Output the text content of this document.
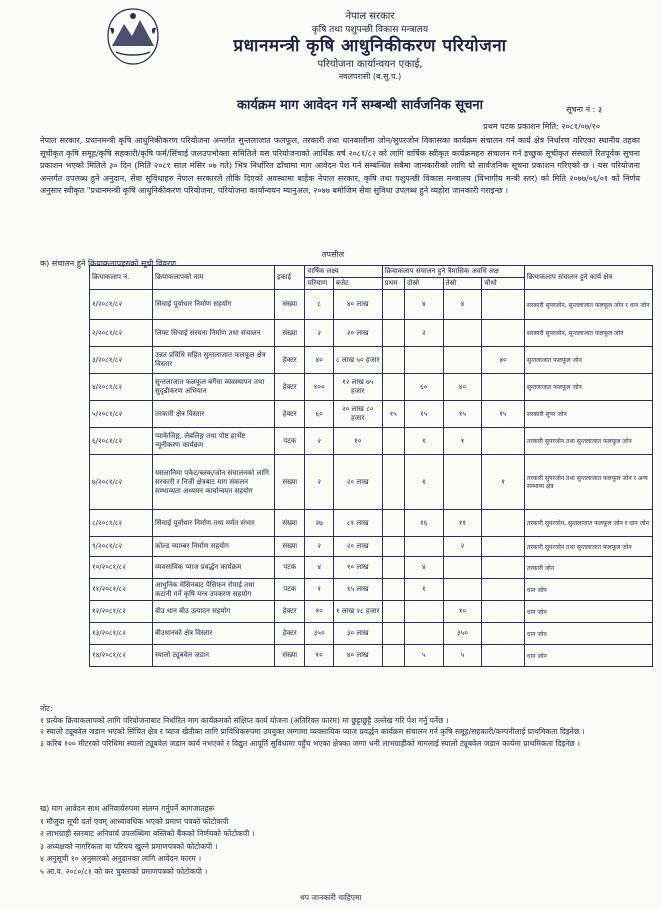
नेपाल सरकार
कृषि तथा पशुपन्छी विकास मन्त्रालय
प्रधानमन्त्री कृषि आधुनिकीकरण परियोजना
परियोजना कार्यान्वयन एकाई,
नवलपरासी (ब.सु.प.)
कार्यक्रम माग आवेदन गर्ने सम्बन्धी सार्वजनिक सूचना	सूचना नं : ३
प्रथम पटक प्रकाशन मिति: २०८१/०७/१०
नेपाल सरकार, प्रधानमन्त्री कृषि आधुनिकीकरण परियोजना अन्तर्गत सुन्तलाजात फलफूल, तरकारी तथा धानबालीमा जोन/सुपरजोन विकासका कार्यक्रम संचालन गर्न कार्य क्षेत्र निर्धारण गरिएका स्थानीय तहका सूचीकृत कृषि समूह/कृषि सहकारी/कृषि फर्म/सिंचाई जलउपभोक्ता समितिले यस परियोजनाको आर्थिक वर्ष २०८१/८२ को लागि वार्षिक स्वीकृत कार्यक्रमहरु संचालन गर्न इच्छुक सूचीकृत संस्थाले रितपूर्वक सूचना प्रकाशन भएको मितिले ३० दिन (मिति २०८१ साल मंसिर ०७ गते) भित्र निर्धारित ढाँचामा माग आवेदन पेश गर्न सम्बन्धित सबैमा जानकारीको लागि यो सार्वजनिक सूचना प्रकाशन गरिएको छ । यस परियोजना अन्तर्गत उपलब्ध हुने अनुदान, सेवा सुविधाहरु नेपाल सरकारले तोकि दिएको अवस्थामा बाहेक नेपाल सरकार, कृषि तथा पशुपन्छी विकास मन्त्रालय (विभागीय मन्त्री स्तर) को मिति २०७७/०६/०१ को निर्णय अनुसार स्वीकृत "प्रधानमन्त्री कृषि आधुनिकीकरण परियोजना, परियोजना कार्यान्वयन म्यानुअल, २०७७ बमोजिम सेवा सुविधा उपलब्ध हुने व्यहोरा जानकारी गराइन्छ ।
तपसील
क) संचालन हुने क्रियाकलापहरुको सूची विवरण
क्रियाकलाप नं.	क्रियाकलापको नाम	इकाई	वार्षिक लक्ष्य		क्रियाकलाप संचालन हुने त्रैमासिक अवधि लक्ष				क्रियाकलाप संचालन हुने कार्य क्षेत्र
			परिमाण	बजेट	प्रथम	दोस्रो	तेस्रो	चौथो	
१/२०८१/८२	सिंचाई पूर्वाधार निर्माण सहयोग	संख्या	८	४० लाख		४	४		सरकारी सुपरजोन, सुन्तलाजात फलफूल जोन र धान जोन
२/२०८१/८२	लिफ्ट सिंचाई संरचना निर्माण तथा संचालन	संख्या	२	२० लाख		२			सरकारी सुपरजोन, सुन्तलाजात फलफूल जोन
३/२०८१/८२	उन्नत प्रविधि सहित सुन्तलाजात फलफूल क्षेत्र विस्तार	हेक्टर	४०	८ लाख ५० हजार				४०	सुन्तलाजात फलफूल जोन
४/२०८१/८२	सुन्तलाजात फलफूल बगैंचा व्यवस्थापन तथा सुदृढीकरण अभियान	हेक्टर	१००	१२ लाख ७५ हजार		६०	४०		सुन्तलाजात फलफूल जोन
५/२०८१/८२	तरकारी क्षेत्र विस्तार	हेक्टर	६०	२० लाख ८० हजार	१५	१५	१५	१५	सरकारी सुपर जोन
६/२०८१/८२	प्याकेजिङ्ग, लेबलिङ्ग तथा पोष्ट हार्भेष्ट न्यूनीकरण कार्यक्रम	पटक	२	१०		१	१		तरकारी सुपरजोन तथा सुन्तलाजात फलफूल जोन
७/२०८१/८२	यसलानिमा पकेट/ब्लक/जोन संचालनको लागि सरकारी र निजी क्षेत्रबाट माग संकलन सम्भाव्यता अध्ययन कार्यान्वयन सहयोग	संख्या	२	२० लाख		१		१	तरकारी सुपरजोन तथा सुन्तलाजात फलफूल जोन र अन्य सम्भाव्य क्षेत्र
८/२०८१/८२	सिंचाई पूर्वाधार निर्माण तथा मर्मत संभार	संख्या	२७	८१ लाख		१६	११		तरकारी सुपरजोन, सुन्तलाजात फलफूल जोन र धान जोन
९/२०८१/८२	कोल्ड च्याम्बर निर्माण सहयोग	संख्या	२	२० लाख			२		तरकारी सुपरजोन तथा सुन्तलाजात फलफूल जोन
१०/२०८१/८२	व्यवसायिक प्याज प्रवर्द्धन कार्यक्रम	पटक	४	१० लाख		४			तरकारी जोन
११/२०८१/८२	आधुनिक मेसिनबाट पैसिफन रोपाई तथा कटानी गर्ने कृषि यन्त्र उपकरण सहयोग	पटक	१	१५ लाख		१			धान जोन
१२/२०८१/८२	बीउ धान बीउ उत्पादन सहयोग	हेक्टर	१०	१ लाख २८ हजार			१०		धान जोन
१३/२०८१/८२	बीउधानको क्षेत्र विस्तार	हेक्टर	३५०	३० लाख			३५०		धान जोन
१४/२०८१/८२	स्यालो ट्यूबवेल जडान	संख्या	१०	४० लाख		५	५		धान जोन

नोट:

१ प्रत्येक क्रियाकलापको लागि परियोजनाबाट निर्धारित माग कार्यक्रमको संक्षिप्त कार्य योजना (अतिरिक्त फारम) मा छुट्टाछुट्टै उल्लेख गरि पेश गर्नु पर्नेछ ।

२ स्यालो ट्यूबवेल जडान भएको सिंचित क्षेत्र र प्याज खेतीका लागि प्राविधिकरुपमा उपयुक्त जग्गामा व्यवसायिक प्याज प्रवर्द्धन कार्यक्रम संचालन गर्न कृषि समूह/सहकारी/कम्पनीलाई प्राथमिकता दिइनेछ ।

३ करिब १०० मीटरको परिधिमा स्यालो ट्यूबवेल जडान कार्य नभएको र विद्युत आपूर्ति सुविधामा पहुँच भएका क्षेत्रका जग्गा धनी लाभग्राहीको मागलाई स्यालो ट्यूबवेल जडान कार्यमा प्राथमिकता दिइनेछ ।

ख) माग आवेदन साथ अनिवार्यरुपमा संलग्न गर्नुपर्ने कागजातहरू

१ मौजुदा सूची दर्ता एवम् आध्यावधिक भएको प्रमाण पत्रको फोटोकपी

२ लाभग्राही स्तरबाट अनिवार्य उपलब्धिमा बस्तिको बैंकको निर्णयको फोटोकपी ।

३ अध्यक्षको नागरिकता वा परिचय खुल्ने प्रमाणपत्रको फोटोकपी ।

४ अनुसूची १० अनुसारको अनुदानका लागि आवेदन फारम ।

५ आ.व. २०८०/८१ को कर चुक्ताको प्रमाणपत्रको फोटोकपी ।

थप जानकारी चाहिएमा
